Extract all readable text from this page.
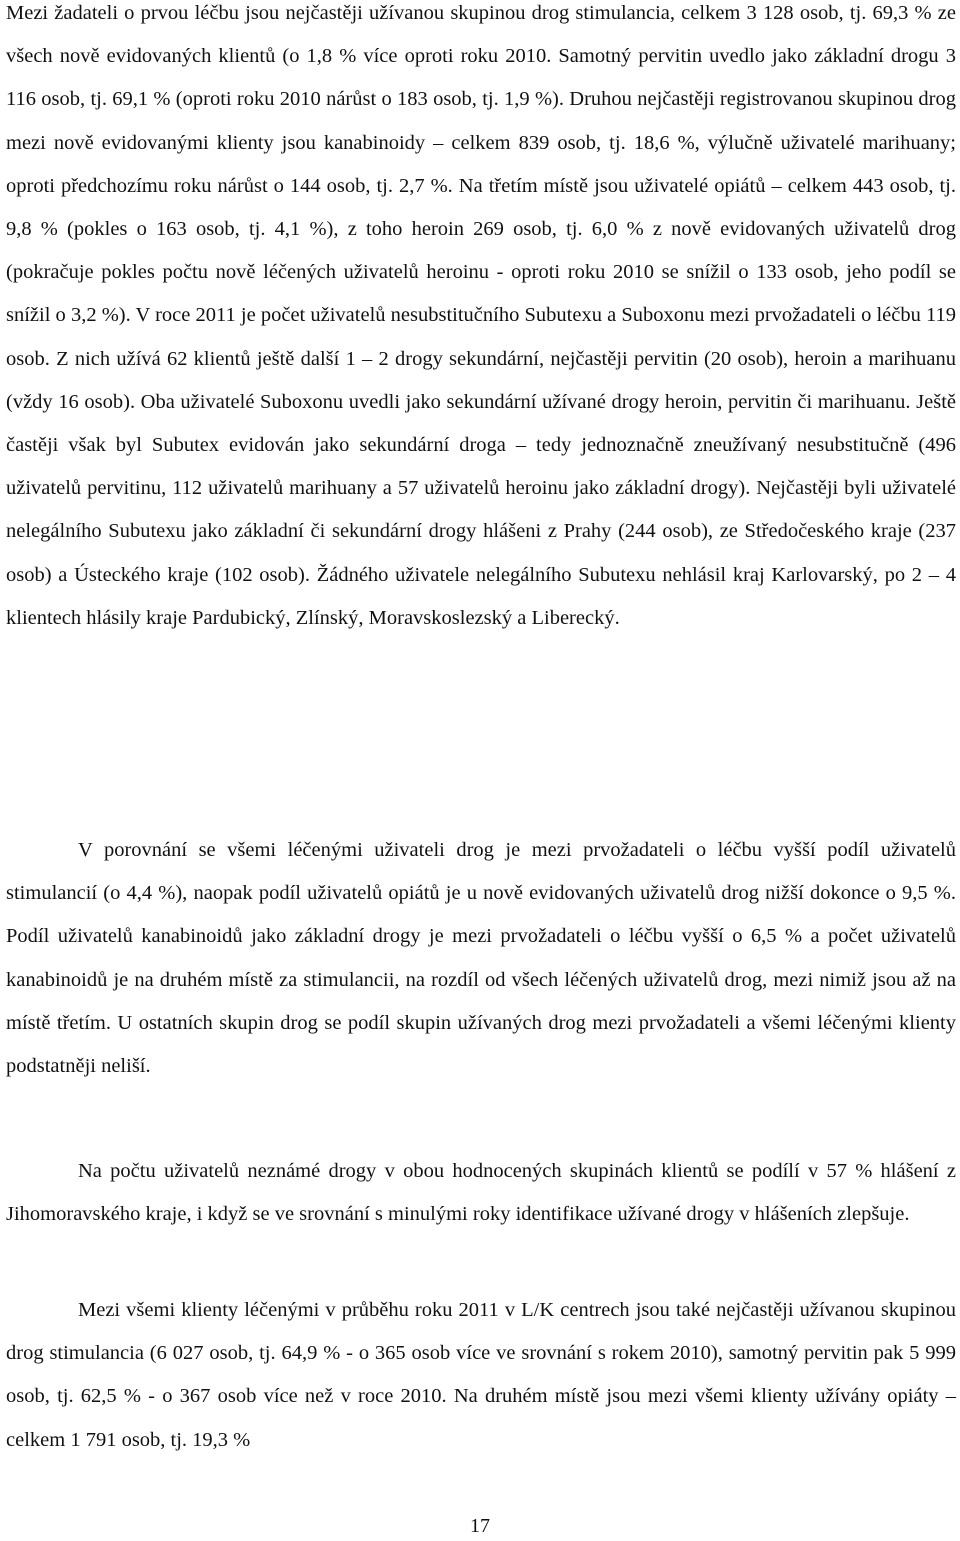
Mezi žadateli o prvou léčbu jsou nejčastěji užívanou skupinou drog stimulancia, celkem 3 128 osob, tj. 69,3 % ze všech nově evidovaných klientů (o 1,8 % více oproti roku 2010. Samotný pervitin uvedlo jako základní drogu 3 116 osob, tj. 69,1 % (oproti roku 2010 nárůst o 183 osob, tj. 1,9 %). Druhou nejčastěji registrovanou skupinou drog mezi nově evidovanými klienty jsou kanabinoidy – celkem 839 osob, tj. 18,6 %, výlučně uživatelé marihuany; oproti předchozímu roku nárůst o 144 osob, tj. 2,7 %. Na třetím místě jsou uživatelé opiátů – celkem 443 osob, tj. 9,8 % (pokles o 163 osob, tj. 4,1 %), z toho heroin 269 osob, tj. 6,0 % z nově evidovaných uživatelů drog (pokračuje pokles počtu nově léčených uživatelů heroinu - oproti roku 2010 se snížil o 133 osob, jeho podíl se snížil o 3,2 %). V roce 2011 je počet uživatelů nesubstitučního Subutexu a Suboxonu mezi prvožadateli o léčbu 119 osob. Z nich užívá 62 klientů ještě další 1 – 2 drogy sekundární, nejčastěji pervitin (20 osob), heroin a marihuanu (vždy 16 osob). Oba uživatelé Suboxonu uvedli jako sekundární užívané drogy heroin, pervitin či marihuanu. Ještě častěji však byl Subutex evidován jako sekundární droga – tedy jednoznačně zneužívaný nesubstitučně (496 uživatelů pervitinu, 112 uživatelů marihuany a 57 uživatelů heroinu jako základní drogy). Nejčastěji byli uživatelé nelegálního Subutexu jako základní či sekundární drogy hlášeni z Prahy (244 osob), ze Středočeského kraje (237 osob) a Ústeckého kraje (102 osob). Žádného uživatele nelegálního Subutexu nehlásil kraj Karlovarský, po 2 – 4 klientech hlásily kraje Pardubický, Zlínský, Moravskoslezský a Liberecký.

V porovnání se všemi léčenými uživateli drog je mezi prvožadateli o léčbu vyšší podíl uživatelů stimulancií (o 4,4 %), naopak podíl uživatelů opiátů je u nově evidovaných uživatelů drog nižší dokonce o 9,5 %. Podíl uživatelů kanabinoidů jako základní drogy je mezi prvožadateli o léčbu vyšší o 6,5 % a počet uživatelů kanabinoidů je na druhém místě za stimulancii, na rozdíl od všech léčených uživatelů drog, mezi nimiž jsou až na místě třetím. U ostatních skupin drog se podíl skupin užívaných drog mezi prvožadateli a všemi léčenými klienty podstatněji neliší.

Na počtu uživatelů neznámé drogy v obou hodnocených skupinách klientů se podílí v 57 % hlášení z Jihomoravského kraje, i když se ve srovnání s minulými roky identifikace užívané drogy v hlášeních zlepšuje.

Mezi všemi klienty léčenými v průběhu roku 2011 v L/K centrech jsou také nejčastěji užívanou skupinou drog stimulancia (6 027 osob, tj. 64,9 % - o 365 osob více ve srovnání s rokem 2010), samotný pervitin pak 5 999 osob, tj. 62,5 % - o 367 osob více než v roce 2010. Na druhém místě jsou mezi všemi klienty užívány opiáty – celkem 1 791 osob, tj. 19,3 %

17
